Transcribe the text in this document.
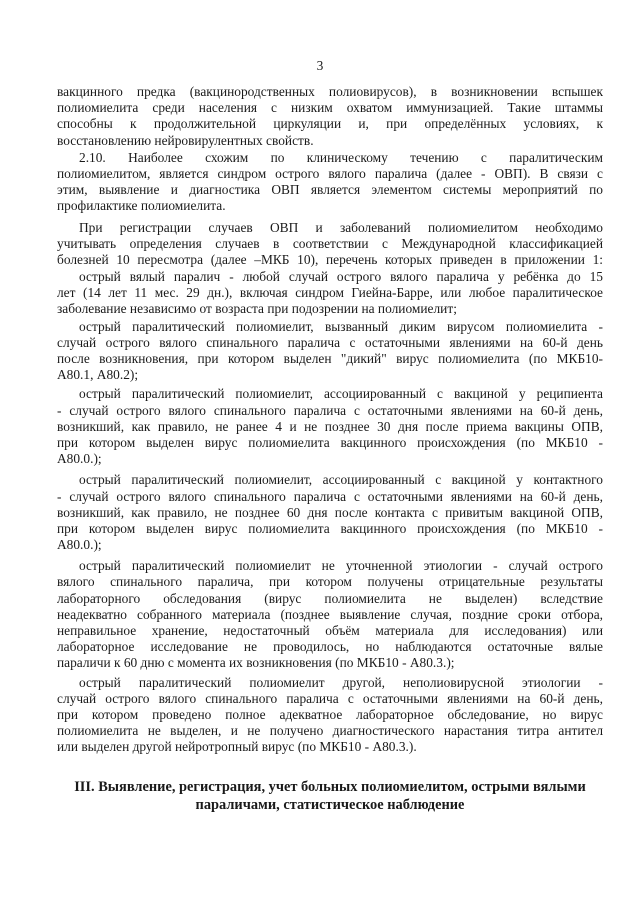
3
вакцинного предка (вакцинородственных полиовирусов), в возникновении вспышек
полиомиелита среди населения с низким охватом иммунизацией. Такие штаммы
способны к продолжительной циркуляции и, при определённых условиях, к
восстановлению нейровирулентных свойств.
2.10. Наиболее схожим по клиническому течению с паралитическим
полиомиелитом, является синдром острого вялого паралича (далее - ОВП). В связи с
этим, выявление и диагностика ОВП является элементом системы мероприятий по
профилактике полиомиелита.
При регистрации случаев ОВП и заболеваний полиомиелитом необходимо
учитывать определения случаев в соответствии с Международной классификацией
болезней 10 пересмотра (далее –МКБ 10), перечень которых приведен в приложении 1:
острый вялый паралич - любой случай острого вялого паралича у ребёнка до 15
лет (14 лет 11 мес. 29 дн.), включая синдром Гиейна-Барре, или любое паралитическое
заболевание независимо от возраста при подозрении на полиомиелит;
острый паралитический полиомиелит, вызванный диким вирусом полиомиелита -
случай острого вялого спинального паралича с остаточными явлениями на 60-й день
после возникновения, при котором выделен "дикий" вирус полиомиелита (по МКБ10-
А80.1, А80.2);
острый паралитический полиомиелит, ассоциированный с вакциной у реципиента
- случай острого вялого спинального паралича с остаточными явлениями на 60-й день,
возникший, как правило, не ранее 4 и не позднее 30 дня после приема вакцины ОПВ,
при котором выделен вирус полиомиелита вакцинного происхождения (по МКБ10 -
А80.0.);
острый паралитический полиомиелит, ассоциированный с вакциной у контактного
- случай острого вялого спинального паралича с остаточными явлениями на 60-й день,
возникший, как правило, не позднее 60 дня после контакта с привитым вакциной ОПВ,
при котором выделен вирус полиомиелита вакцинного происхождения (по МКБ10 -
А80.0.);
острый паралитический полиомиелит не уточненной этиологии - случай острого
вялого спинального паралича, при котором получены отрицательные результаты
лабораторного обследования (вирус полиомиелита не выделен) вследствие
неадекватно собранного материала (позднее выявление случая, поздние сроки отбора,
неправильное хранение, недостаточный объём материала для исследования) или
лабораторное исследование не проводилось, но наблюдаются остаточные вялые
параличи к 60 дню с момента их возникновения (по МКБ10 - А80.3.);
острый паралитический полиомиелит другой, неполиовирусной этиологии -
случай острого вялого спинального паралича с остаточными явлениями на 60-й день,
при котором проведено полное адекватное лабораторное обследование, но вирус
полиомиелита не выделен, и не получено диагностического нарастания титра антител
или выделен другой нейротропный вирус (по МКБ10 - А80.3.).
III. Выявление, регистрация, учет больных полиомиелитом, острыми вялыми
параличами, статистическое наблюдение
